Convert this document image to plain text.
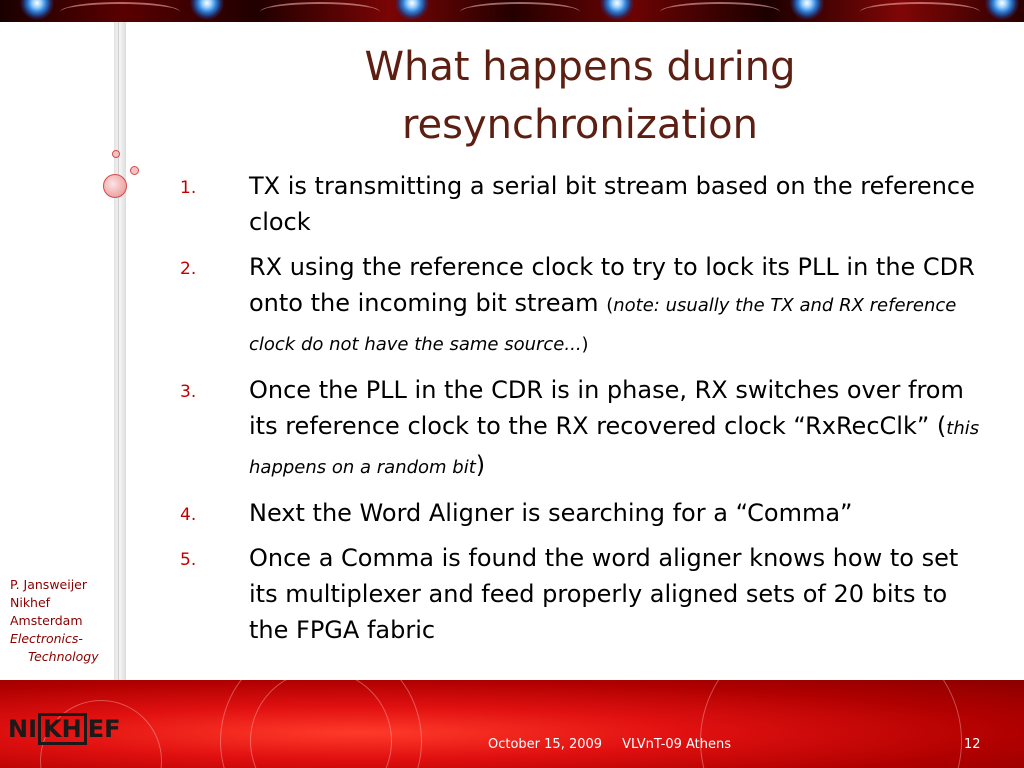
What happens during resynchronization
1. TX is transmitting a serial bit stream based on the reference clock
2. RX using the reference clock to try to lock its PLL in the CDR onto the incoming bit stream (note: usually the TX and RX reference clock do not have the same source...)
3. Once the PLL in the CDR is in phase, RX switches over from its reference clock to the RX recovered clock “RxRecClk” (this happens on a random bit)
4. Next the Word Aligner is searching for a “Comma”
5. Once a Comma is found the word aligner knows how to set its multiplexer and feed properly aligned sets of 20 bits to the FPGA fabric
P. Jansweijer
Nikhef
Amsterdam
Electronics-
Technology
NI KH EF
October 15, 2009 VLVnT-09 Athens	12
